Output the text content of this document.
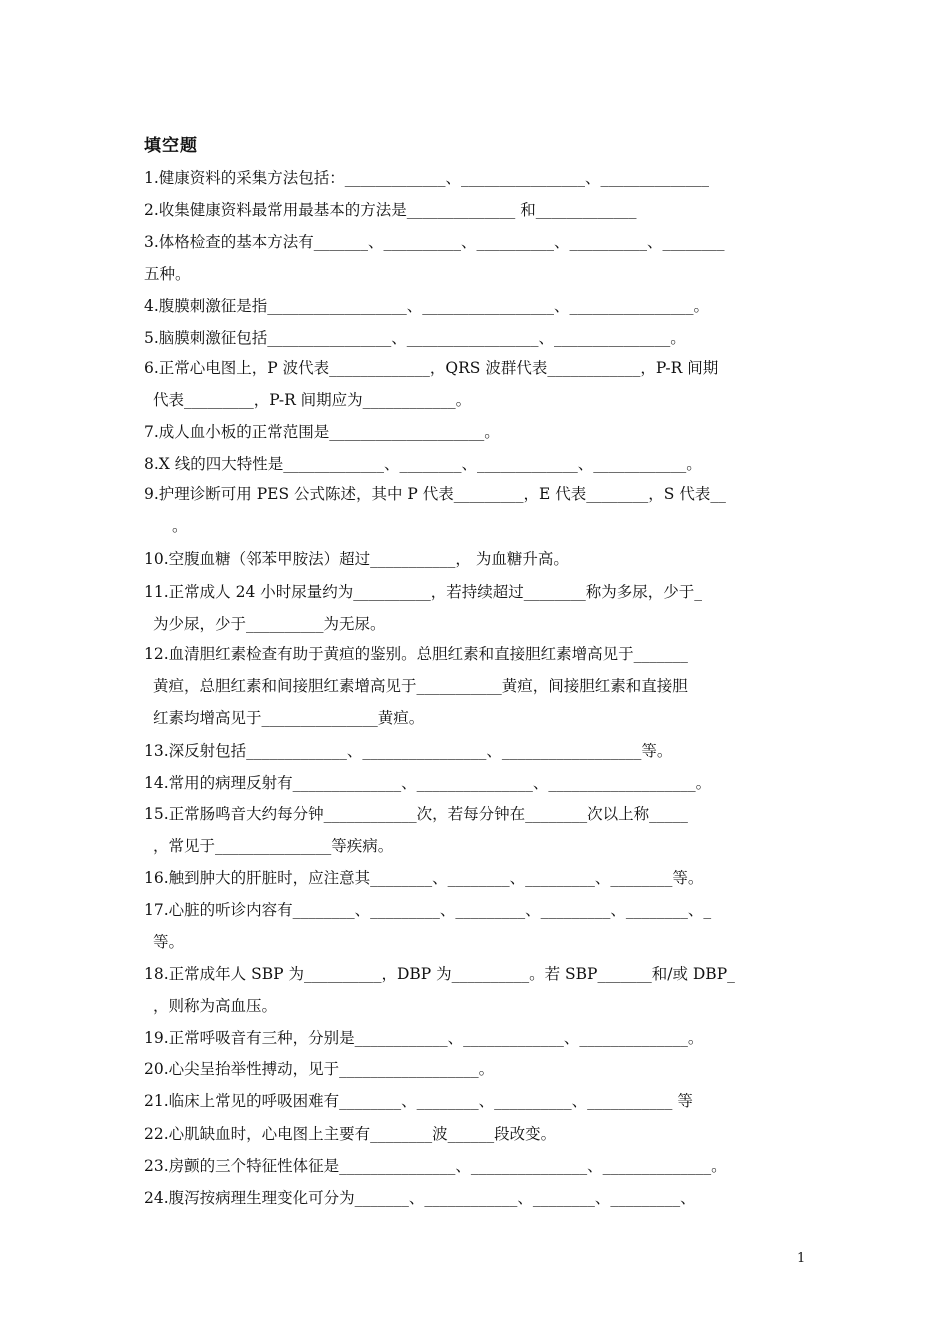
填空题
1.健康资料的采集方法包括：_____________、________________、______________
2.收集健康资料最常用最基本的方法是______________ 和_____________
3.体格检查的基本方法有_______、__________、__________、__________、________
五种。
4.腹膜刺激征是指__________________、_________________、________________。
5.脑膜刺激征包括________________、_________________、_______________。
6.正常心电图上，P 波代表_____________，QRS 波群代表____________，P-R 间期
代表_________，P-R 间期应为____________。
7.成人血小板的正常范围是____________________。
8.X 线的四大特性是_____________、________、_____________、____________。
9.护理诊断可用 PES 公式陈述，其中 P 代表_________，E 代表________，S 代表__
。
10.空腹血糖（邻苯甲胺法）超过___________， 为血糖升高。
11.正常成人 24 小时尿量约为__________，若持续超过________称为多尿，少于_
为少尿，少于__________为无尿。
12.血清胆红素检查有助于黄疸的鉴别。总胆红素和直接胆红素增高见于_______
黄疸，总胆红素和间接胆红素增高见于___________黄疸，间接胆红素和直接胆
红素均增高见于_______________黄疸。
13.深反射包括_____________、________________、__________________等。
14.常用的病理反射有______________、_______________、___________________。
15.正常肠鸣音大约每分钟____________次，若每分钟在________次以上称_____
，常见于_______________等疾病。
16.触到肿大的肝脏时，应注意其________、________、_________、________等。
17.心脏的听诊内容有________、_________、_________、_________、________、_
等。
18.正常成年人 SBP 为__________，DBP 为__________。若 SBP_______和/或 DBP_
，则称为高血压。
19.正常呼吸音有三种，分别是____________、_____________、______________。
20.心尖呈抬举性搏动，见于__________________。
21.临床上常见的呼吸困难有________、________、__________、___________ 等
22.心肌缺血时，心电图上主要有________波______段改变。
23.房颤的三个特征性体征是_______________、_______________、______________。
24.腹泻按病理生理变化可分为_______、____________、________、_________、
1
